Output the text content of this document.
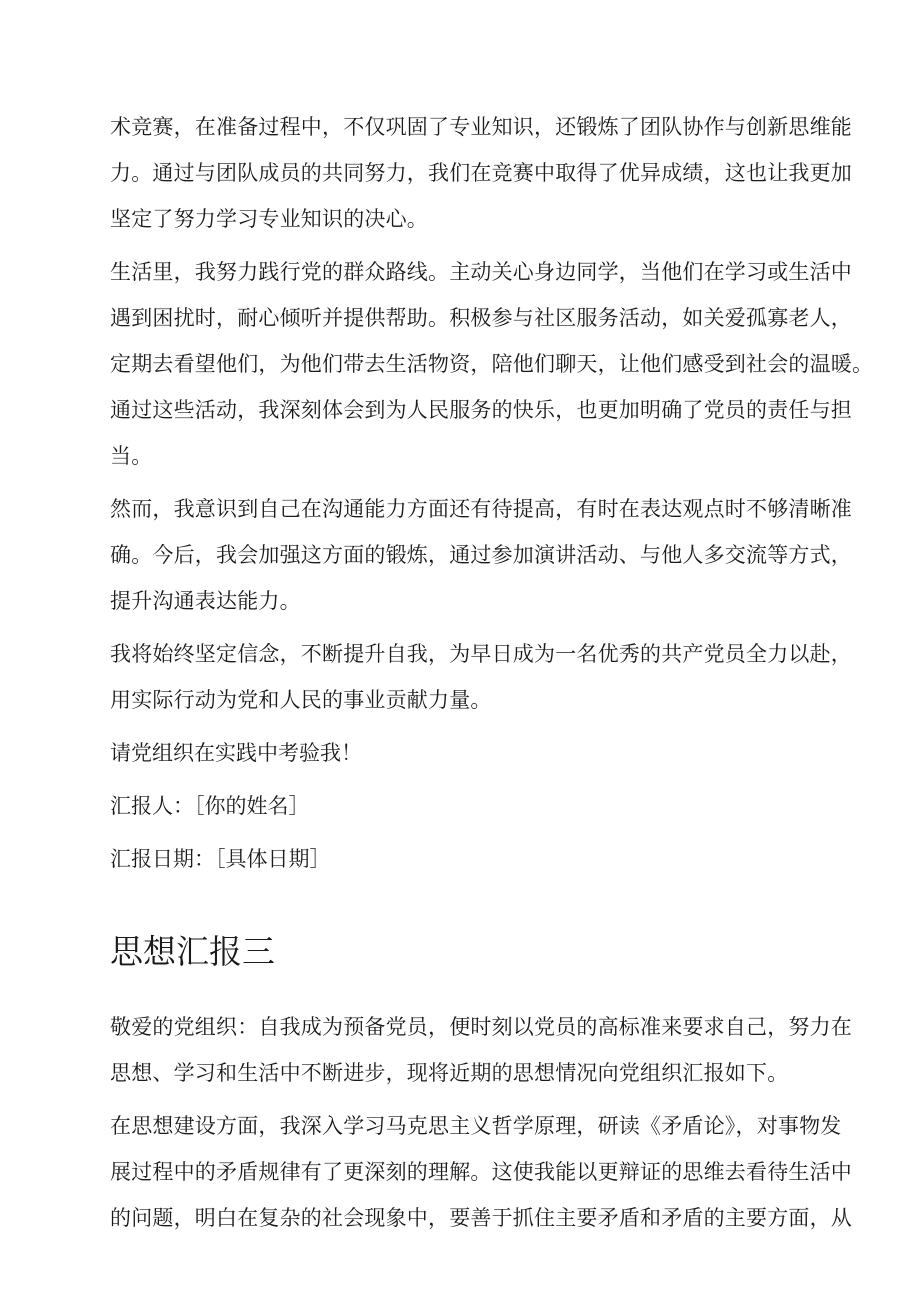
术竞赛，在准备过程中，不仅巩固了专业知识，还锻炼了团队协作与创新思维能
力。通过与团队成员的共同努力，我们在竞赛中取得了优异成绩，这也让我更加
坚定了努力学习专业知识的决心。
生活里，我努力践行党的群众路线。主动关心身边同学，当他们在学习或生活中
遇到困扰时，耐心倾听并提供帮助。积极参与社区服务活动，如关爱孤寡老人，
定期去看望他们，为他们带去生活物资，陪他们聊天，让他们感受到社会的温暖。
通过这些活动，我深刻体会到为人民服务的快乐，也更加明确了党员的责任与担
当。
然而，我意识到自己在沟通能力方面还有待提高，有时在表达观点时不够清晰准
确。今后，我会加强这方面的锻炼，通过参加演讲活动、与他人多交流等方式，
提升沟通表达能力。
我将始终坚定信念，不断提升自我，为早日成为一名优秀的共产党员全力以赴，
用实际行动为党和人民的事业贡献力量。
请党组织在实践中考验我！
汇报人：［你的姓名］
汇报日期：［具体日期］
思想汇报三
敬爱的党组织：自我成为预备党员，便时刻以党员的高标准来要求自己，努力在
思想、学习和生活中不断进步，现将近期的思想情况向党组织汇报如下。
在思想建设方面，我深入学习马克思主义哲学原理，研读《矛盾论》，对事物发
展过程中的矛盾规律有了更深刻的理解。这使我能以更辩证的思维去看待生活中
的问题，明白在复杂的社会现象中，要善于抓住主要矛盾和矛盾的主要方面，从
